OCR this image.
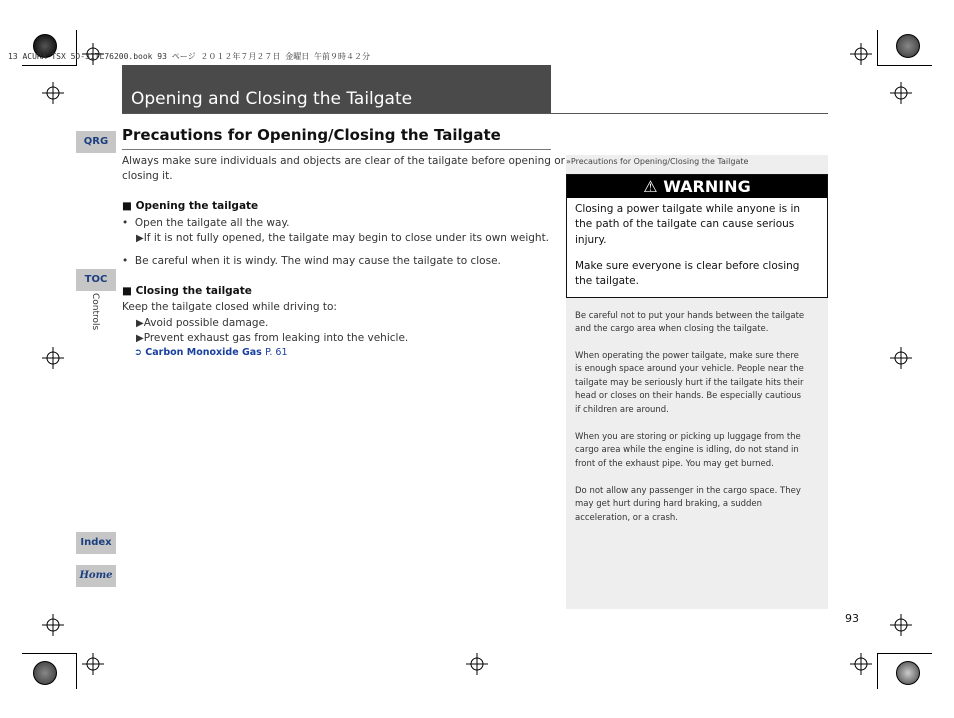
13 ACURA TSX 5D-31TL76200.book 93 ページ ２０１２年７月２７日 金曜日 午前９時４２分
Opening and Closing the Tailgate
QRG
TOC
Controls
Index
Home
Precautions for Opening/Closing the Tailgate
Always make sure individuals and objects are clear of the tailgate before opening or
closing it.
■ Opening the tailgate
• Open the tailgate all the way.
▶If it is not fully opened, the tailgate may begin to close under its own weight.
• Be careful when it is windy. The wind may cause the tailgate to close.
■ Closing the tailgate
Keep the tailgate closed while driving to:
▶Avoid possible damage.
▶Prevent exhaust gas from leaking into the vehicle.
➲ Carbon Monoxide Gas P. 61
»Precautions for Opening/Closing the Tailgate
⚠ WARNING
Closing a power tailgate while anyone is in
the path of the tailgate can cause serious
injury.
Make sure everyone is clear before closing
the tailgate.
Be careful not to put your hands between the tailgate
and the cargo area when closing the tailgate.
When operating the power tailgate, make sure there
is enough space around your vehicle. People near the
tailgate may be seriously hurt if the tailgate hits their
head or closes on their hands. Be especially cautious
if children are around.
When you are storing or picking up luggage from the
cargo area while the engine is idling, do not stand in
front of the exhaust pipe. You may get burned.
Do not allow any passenger in the cargo space. They
may get hurt during hard braking, a sudden
acceleration, or a crash.
93
